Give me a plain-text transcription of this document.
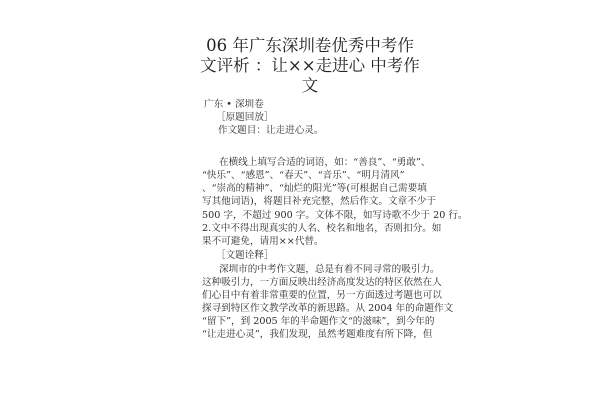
06 年广东深圳卷优秀中考作
文评析 ：让××走进心 中考作
文
广东 • 深圳卷
［原题回放］
作文题目：让走进心灵。
在横线上填写合适的词语，如：“善良”、“勇敢”、
“快乐”、“感恩”、“春天”、“音乐”、“明月清风”
、“崇高的精神”、“灿烂的阳光”等(可根据自己需要填
写其他词语)，将题目补充完整，然后作文。文章不少于
500 字，不超过 900 字。文体不限，如写诗歌不少于 20 行。
2.文中不得出现真实的人名、校名和地名，否则扣分。如
果不可避免，请用××代替。
［文题诠释］
深圳市的中考作文题，总是有着不同寻常的吸引力。
这种吸引力，一方面反映出经济高度发达的特区依然在人
们心目中有着非常重要的位置，另一方面透过考题也可以
探寻到特区作文教学改革的新思路。从 2004 年的命题作文
“留下”，到 2005 年的半命题作文“的滋味”，到今年的
“让走进心灵”，我们发现，虽然考题难度有所下降，但
